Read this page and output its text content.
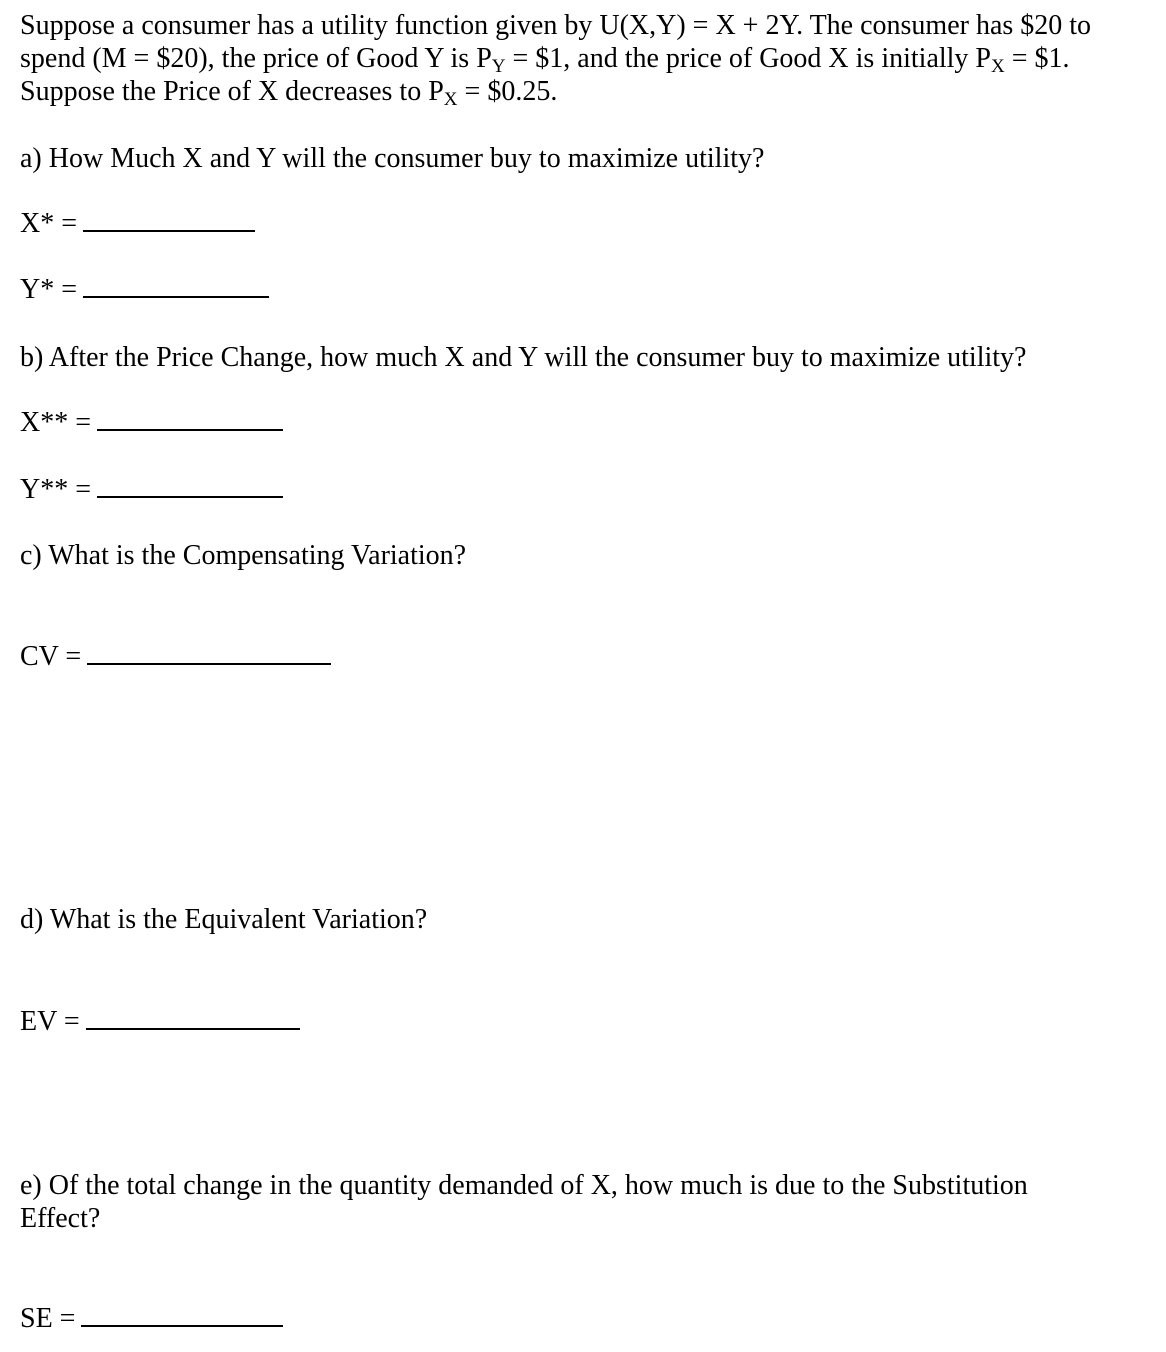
Suppose a consumer has a utility function given by U(X,Y) = X + 2Y. The consumer has $20 to
spend (M = $20), the price of Good Y is $P_Y$ = $1, and the price of Good X is initially $P_X$ = $1.
Suppose the Price of X decreases to $P_X$ = $0.25.
a) How Much X and Y will the consumer buy to maximize utility?
X* =
Y* =
b) After the Price Change, how much X and Y will the consumer buy to maximize utility?
X** =
Y** =
c) What is the Compensating Variation?
CV =
d) What is the Equivalent Variation?
EV =
e) Of the total change in the quantity demanded of X, how much is due to the Substitution
Effect?
SE =
